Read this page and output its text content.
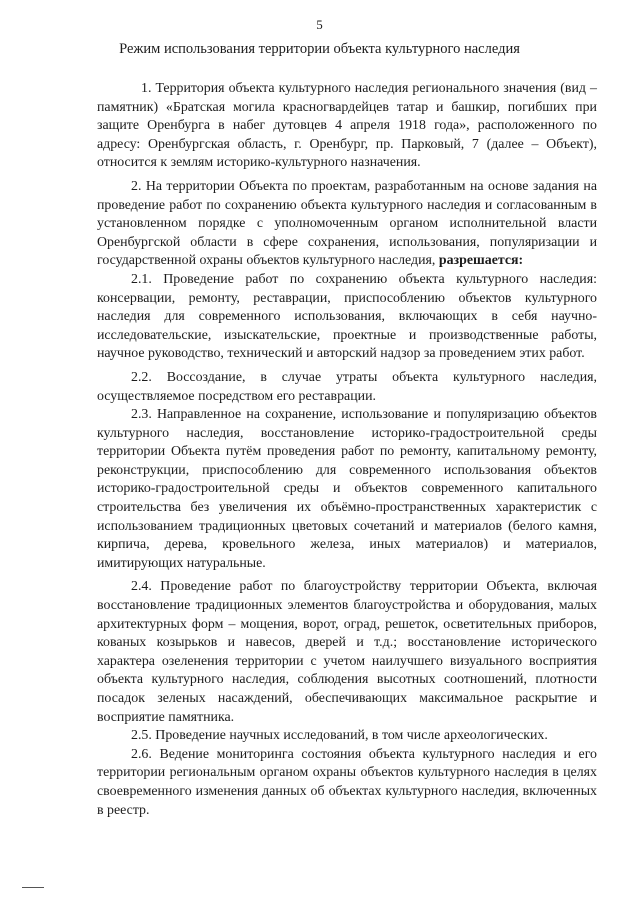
5
Режим использования территории объекта культурного наследия

1. Территория объекта культурного наследия регионального значения (вид – памятник) «Братская могила красногвардейцев татар и башкир, погибших при защите Оренбурга в набег дутовцев 4 апреля 1918 года», расположенного по адресу: Оренбургская область, г. Оренбург, пр. Парковый, 7 (далее – Объект), относится к землям историко-культурного назначения.

2. На территории Объекта по проектам, разработанным на основе задания на проведение работ по сохранению объекта культурного наследия и согласованным в установленном порядке с уполномоченным органом исполнительной власти Оренбургской области в сфере сохранения, использования, популяризации и государственной охраны объектов культурного наследия, разрешается:

2.1. Проведение работ по сохранению объекта культурного наследия: консервации, ремонту, реставрации, приспособлению объектов культурного наследия для современного использования, включающих в себя научно-исследовательские, изыскательские, проектные и производственные работы, научное руководство, технический и авторский надзор за проведением этих работ.

2.2. Воссоздание, в случае утраты объекта культурного наследия, осуществляемое посредством его реставрации.

2.3. Направленное на сохранение, использование и популяризацию объектов культурного наследия, восстановление историко-градостроительной среды территории Объекта путём проведения работ по ремонту, капитальному ремонту, реконструкции, приспособлению для современного использования объектов историко-градостроительной среды и объектов современного капитального строительства без увеличения их объёмно-пространственных характеристик с использованием традиционных цветовых сочетаний и материалов (белого камня, кирпича, дерева, кровельного железа, иных материалов) и материалов, имитирующих натуральные.

2.4. Проведение работ по благоустройству территории Объекта, включая восстановление традиционных элементов благоустройства и оборудования, малых архитектурных форм – мощения, ворот, оград, решеток, осветительных приборов, кованых козырьков и навесов, дверей и т.д.; восстановление исторического характера озеленения территории с учетом наилучшего визуального восприятия объекта культурного наследия, соблюдения высотных соотношений, плотности посадок зеленых насаждений, обеспечивающих максимальное раскрытие и восприятие памятника.

2.5. Проведение научных исследований, в том числе археологических.

2.6. Ведение мониторинга состояния объекта культурного наследия и его территории региональным органом охраны объектов культурного наследия в целях своевременного изменения данных об объектах культурного наследия, включенных в реестр.
